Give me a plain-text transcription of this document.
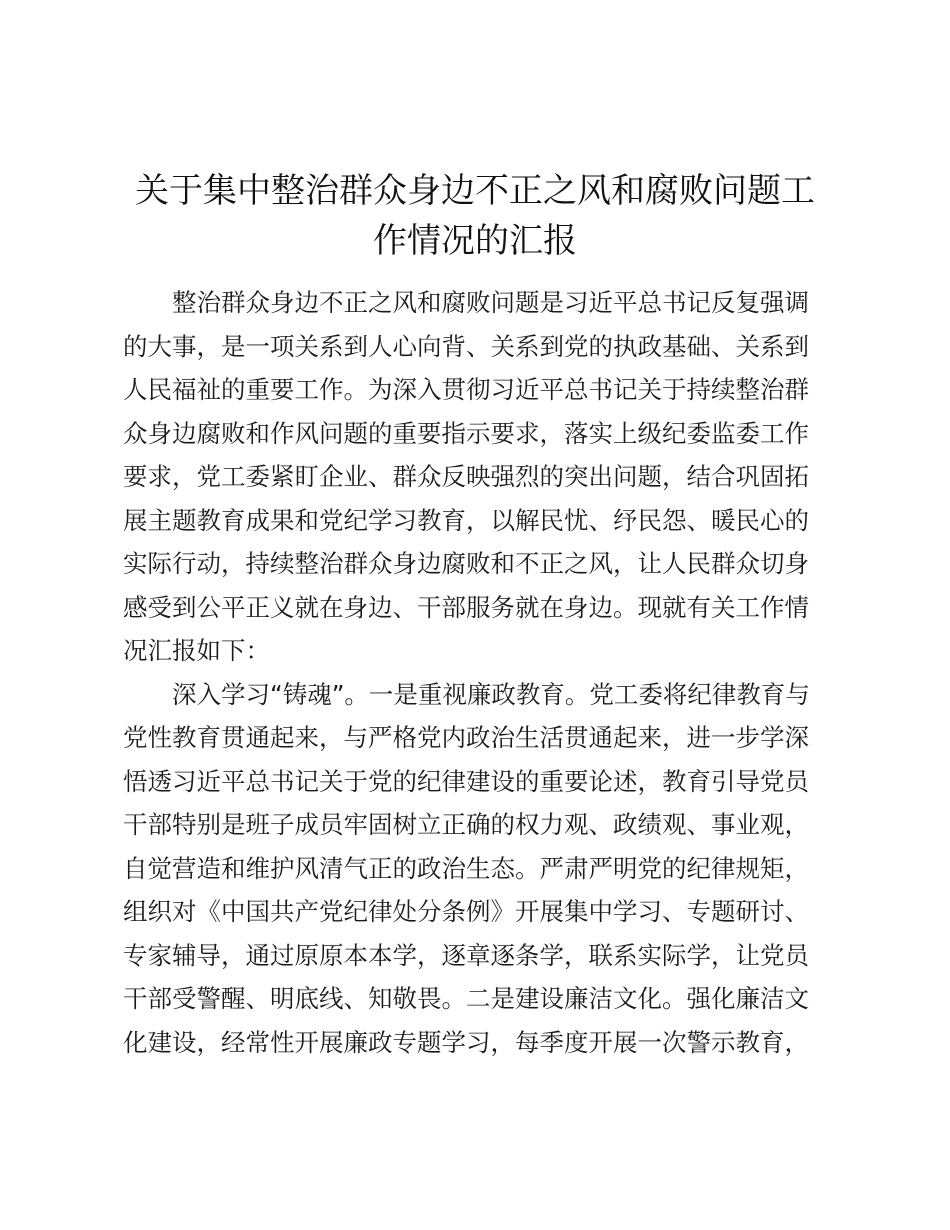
关于集中整治群众身边不正之风和腐败问题工
作情况的汇报
整治群众身边不正之风和腐败问题是习近平总书记反复强调
的大事，是一项关系到人心向背、关系到党的执政基础、关系到
人民福祉的重要工作。为深入贯彻习近平总书记关于持续整治群
众身边腐败和作风问题的重要指示要求，落实上级纪委监委工作
要求，党工委紧盯企业、群众反映强烈的突出问题，结合巩固拓
展主题教育成果和党纪学习教育，以解民忧、纾民怨、暖民心的
实际行动，持续整治群众身边腐败和不正之风，让人民群众切身
感受到公平正义就在身边、干部服务就在身边。现就有关工作情
况汇报如下：
深入学习“铸魂”。一是重视廉政教育。党工委将纪律教育与
党性教育贯通起来，与严格党内政治生活贯通起来，进一步学深
悟透习近平总书记关于党的纪律建设的重要论述，教育引导党员
干部特别是班子成员牢固树立正确的权力观、政绩观、事业观，
自觉营造和维护风清气正的政治生态。严肃严明党的纪律规矩，
组织对《中国共产党纪律处分条例》开展集中学习、专题研讨、
专家辅导，通过原原本本学，逐章逐条学，联系实际学，让党员
干部受警醒、明底线、知敬畏。二是建设廉洁文化。强化廉洁文
化建设，经常性开展廉政专题学习，每季度开展一次警示教育，
